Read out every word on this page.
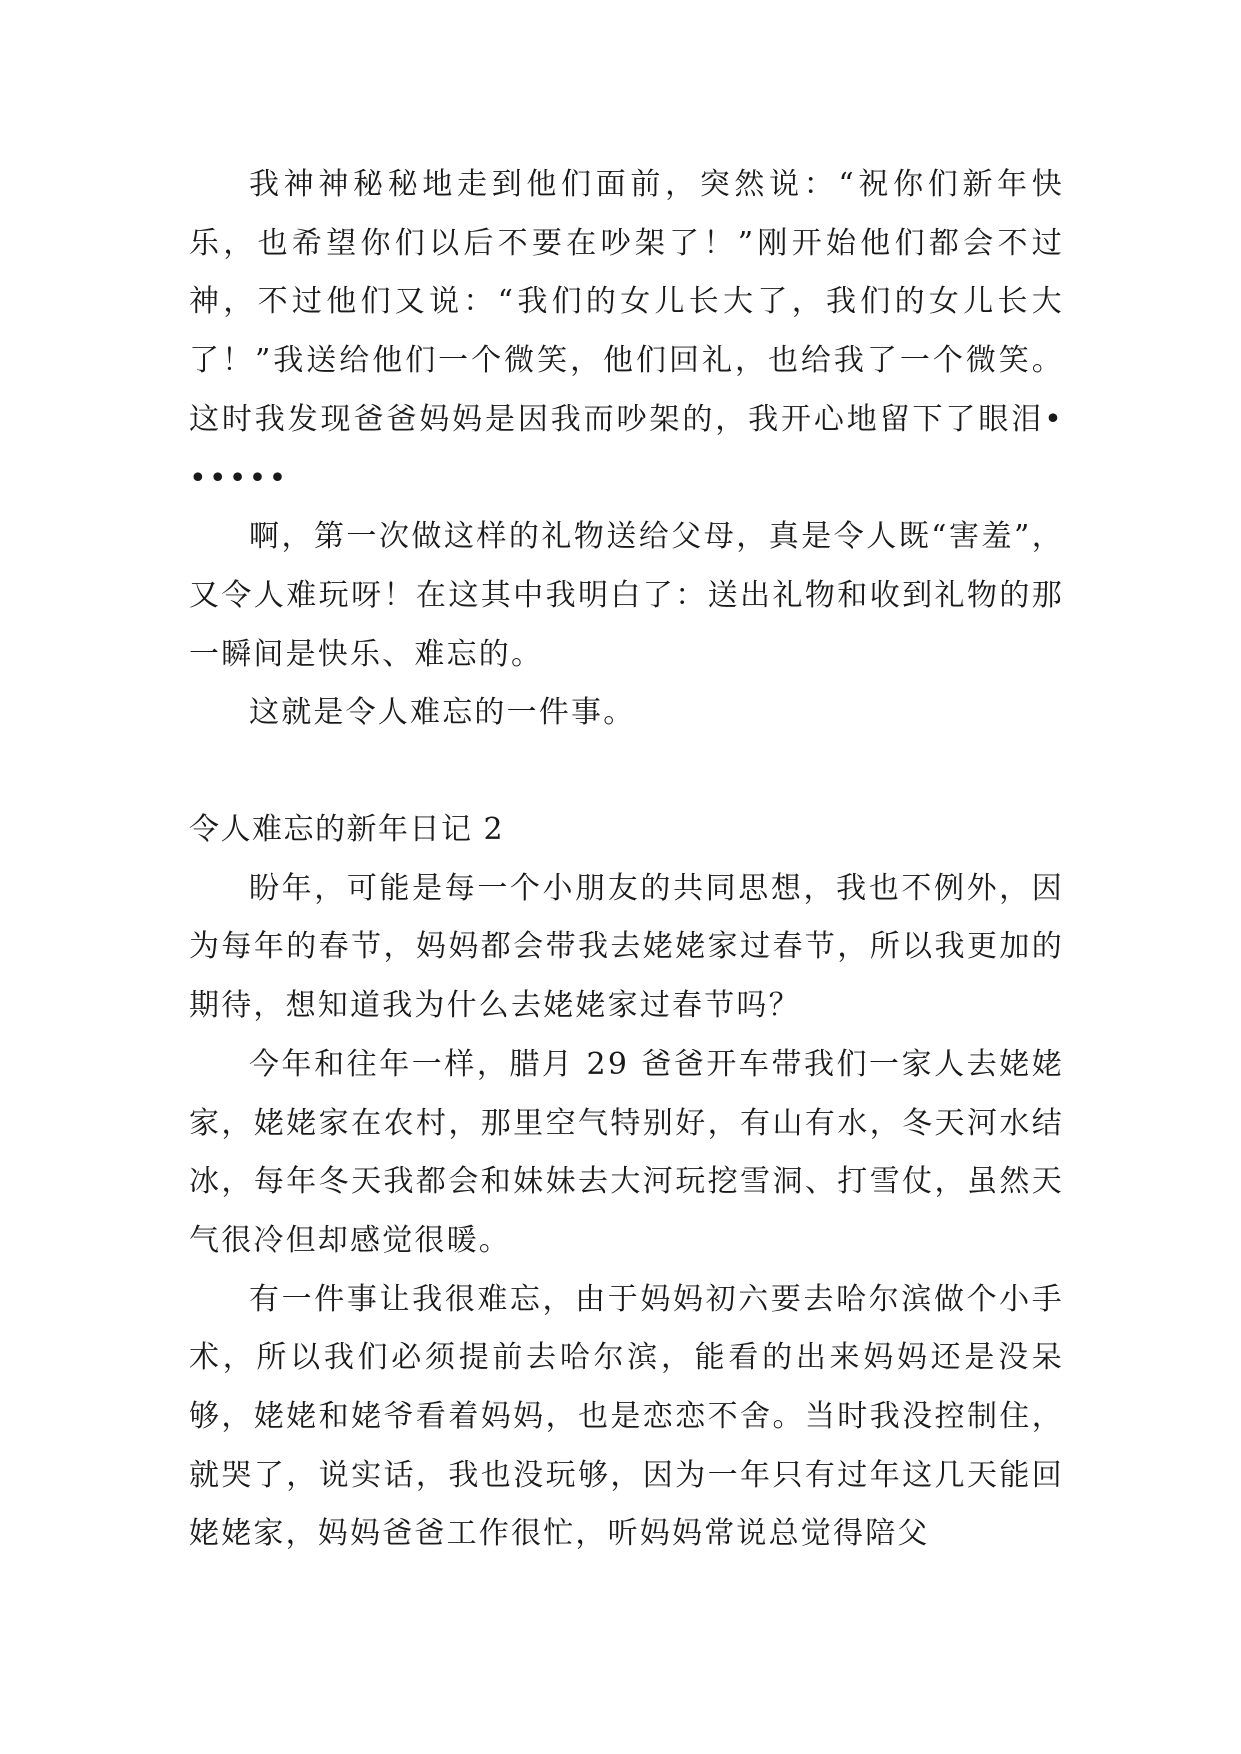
我神神秘秘地走到他们面前，突然说：“祝你们新年快乐，也希望你们以后不要在吵架了！”刚开始他们都会不过神，不过他们又说：“我们的女儿长大了，我们的女儿长大了！”我送给他们一个微笑，他们回礼，也给我了一个微笑。这时我发现爸爸妈妈是因我而吵架的，我开心地留下了眼泪••••••

啊，第一次做这样的礼物送给父母，真是令人既“害羞”，又令人难玩呀！在这其中我明白了：送出礼物和收到礼物的那一瞬间是快乐、难忘的。

这就是令人难忘的一件事。

令人难忘的新年日记 2

盼年，可能是每一个小朋友的共同思想，我也不例外，因为每年的春节，妈妈都会带我去姥姥家过春节，所以我更加的期待，想知道我为什么去姥姥家过春节吗？

今年和往年一样，腊月 29 爸爸开车带我们一家人去姥姥家，姥姥家在农村，那里空气特别好，有山有水，冬天河水结冰，每年冬天我都会和妹妹去大河玩挖雪洞、打雪仗，虽然天气很冷但却感觉很暖。

有一件事让我很难忘，由于妈妈初六要去哈尔滨做个小手术，所以我们必须提前去哈尔滨，能看的出来妈妈还是没呆够，姥姥和姥爷看着妈妈，也是恋恋不舍。当时我没控制住，就哭了，说实话，我也没玩够，因为一年只有过年这几天能回姥姥家，妈妈爸爸工作很忙，听妈妈常说总觉得陪父
